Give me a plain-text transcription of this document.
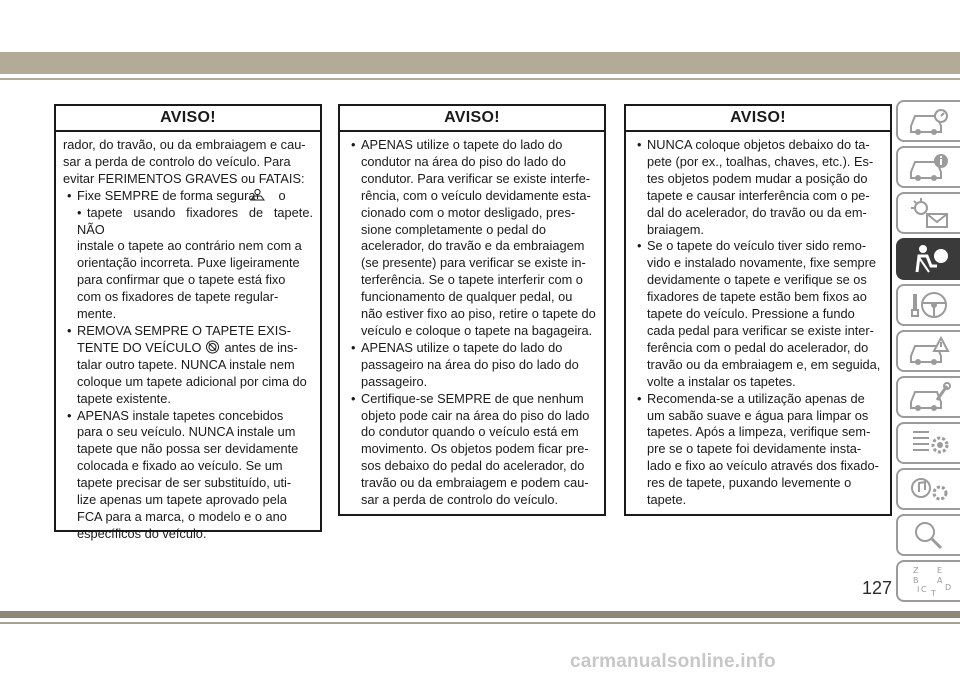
AVISO!

rador, do travão, ou da embraiagem e cau-

sar a perda de controlo do veículo. Para

evitar FERIMENTOS GRAVES ou FATAIS:

• Fixe SEMPRE de forma segura o

• tapete usando fixadores de tapete. NÃO

instale o tapete ao contrário nem com a

orientação incorreta. Puxe ligeiramente

para confirmar que o tapete está fixo

com os fixadores de tapete regular-

mente.

• REMOVA SEMPRE O TAPETE EXIS-

TENTE DO VEÍCULO antes de ins-

talar outro tapete. NUNCA instale nem

coloque um tapete adicional por cima do

tapete existente.

• APENAS instale tapetes concebidos

para o seu veículo. NUNCA instale um

tapete que não possa ser devidamente

colocada e fixado ao veículo. Se um

tapete precisar de ser substituído, uti-

lize apenas um tapete aprovado pela

FCA para a marca, o modelo e o ano

específicos do veículo.

AVISO!

• APENAS utilize o tapete do lado do

condutor na área do piso do lado do

condutor. Para verificar se existe interfe-

rência, com o veículo devidamente esta-

cionado com o motor desligado, pres-

sione completamente o pedal do

acelerador, do travão e da embraiagem

(se presente) para verificar se existe in-

terferência. Se o tapete interferir com o

funcionamento de qualquer pedal, ou

não estiver fixo ao piso, retire o tapete do

veículo e coloque o tapete na bagageira.

• APENAS utilize o tapete do lado do

passageiro na área do piso do lado do

passageiro.

• Certifique-se SEMPRE de que nenhum

objeto pode cair na área do piso do lado

do condutor quando o veículo está em

movimento. Os objetos podem ficar pre-

sos debaixo do pedal do acelerador, do

travão ou da embraiagem e podem cau-

sar a perda de controlo do veículo.

AVISO!

• NUNCA coloque objetos debaixo do ta-

pete (por ex., toalhas, chaves, etc.). Es-

tes objetos podem mudar a posição do

tapete e causar interferência com o pe-

dal do acelerador, do travão ou da em-

braiagem.

• Se o tapete do veículo tiver sido remo-

vido e instalado novamente, fixe sempre

devidamente o tapete e verifique se os

fixadores de tapete estão bem fixos ao

tapete do veículo. Pressione a fundo

cada pedal para verificar se existe inter-

ferência com o pedal do acelerador, do

travão ou da embraiagem e, em seguida,

volte a instalar os tapetes.

• Recomenda-se a utilização apenas de

um sabão suave e água para limpar os

tapetes. Após a limpeza, verifique sem-

pre se o tapete foi devidamente insta-

lado e fixo ao veículo através dos fixado-

res de tapete, puxando levemente o

tapete.

Z E
B A
D
C T
I
127
carmanualsonline.info
